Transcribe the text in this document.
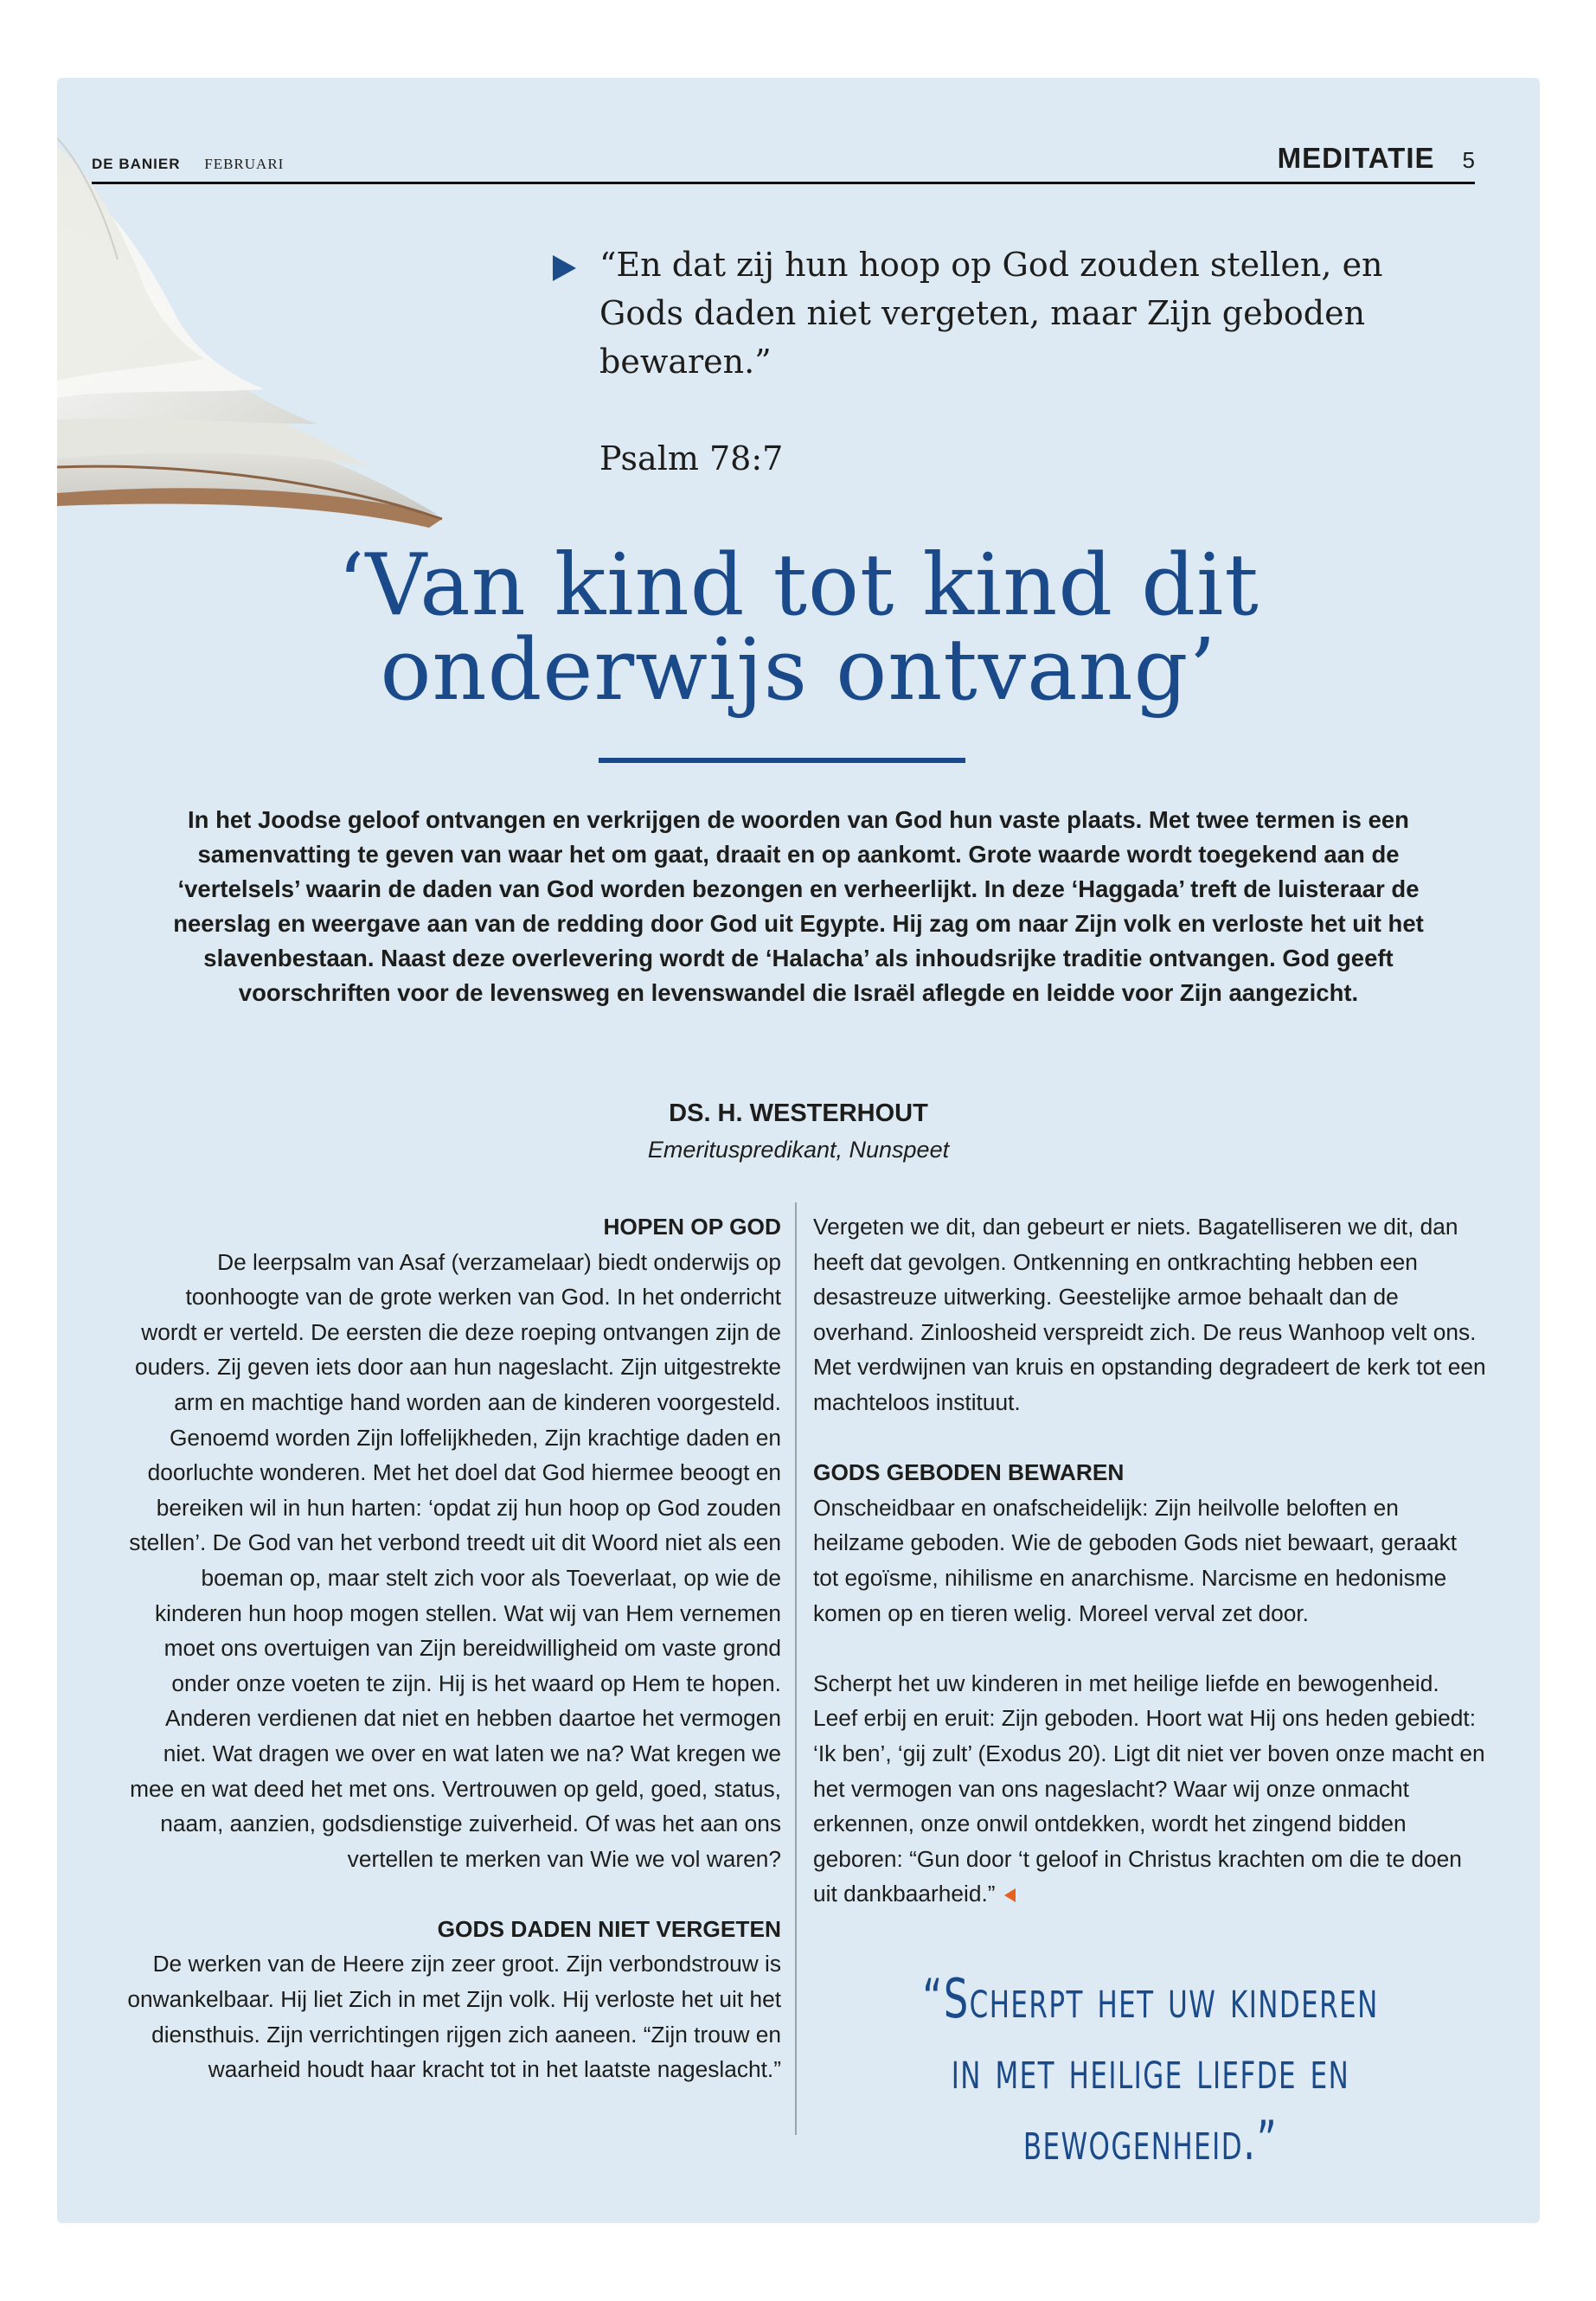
DE BANIER FEBRUARI	MEDITATIE 5
“En dat zij hun hoop op God zouden stellen, en Gods daden niet vergeten, maar Zijn geboden bewaren.”
Psalm 78:7
‘Van kind tot kind dit
onderwijs ontvang’
In het Joodse geloof ontvangen en verkrijgen de woorden van God hun vaste plaats. Met twee termen is een samenvatting te geven van waar het om gaat, draait en op aankomt. Grote waarde wordt toegekend aan de ‘vertelsels’ waarin de daden van God worden bezongen en verheerlijkt. In deze ‘Haggada’ treft de luisteraar de neerslag en weergave aan van de redding door God uit Egypte. Hij zag om naar Zijn volk en verloste het uit het slavenbestaan. Naast deze overlevering wordt de ‘Halacha’ als inhoudsrijke traditie ontvangen. God geeft voorschriften voor de levensweg en levenswandel die Israël aflegde en leidde voor Zijn aangezicht.
DS. H. WESTERHOUT
Emerituspredikant, Nunspeet
HOPEN OP GOD

De leerpsalm van Asaf (verzamelaar) biedt onderwijs op toonhoogte van de grote werken van God. In het onderricht wordt er verteld. De eersten die deze roeping ontvangen zijn de ouders. Zij geven iets door aan hun nageslacht. Zijn uitgestrekte arm en machtige hand worden aan de kinderen voorgesteld. Genoemd worden Zijn loffelijkheden, Zijn krachtige daden en doorluchte wonderen. Met het doel dat God hiermee beoogt en bereiken wil in hun harten: ‘opdat zij hun hoop op God zouden stellen’. De God van het verbond treedt uit dit Woord niet als een boeman op, maar stelt zich voor als Toeverlaat, op wie de kinderen hun hoop mogen stellen. Wat wij van Hem vernemen moet ons overtuigen van Zijn bereidwilligheid om vaste grond onder onze voeten te zijn. Hij is het waard op Hem te hopen. Anderen verdienen dat niet en hebben daartoe het vermogen niet. Wat dragen we over en wat laten we na? Wat kregen we mee en wat deed het met ons. Vertrouwen op geld, goed, status, naam, aanzien, godsdienstige zuiverheid. Of was het aan ons vertellen te merken van Wie we vol waren?

GODS DADEN NIET VERGETEN

De werken van de Heere zijn zeer groot. Zijn verbondstrouw is onwankelbaar. Hij liet Zich in met Zijn volk. Hij verloste het uit het diensthuis. Zijn verrichtingen rijgen zich aaneen. “Zijn trouw en waarheid houdt haar kracht tot in het laatste nageslacht.”

Vergeten we dit, dan gebeurt er niets. Bagatelliseren we dit, dan heeft dat gevolgen. Ontkenning en ontkrachting hebben een desastreuze uitwerking. Geestelijke armoe behaalt dan de overhand. Zinloosheid verspreidt zich. De reus Wanhoop velt ons. Met verdwijnen van kruis en opstanding degradeert de kerk tot een machteloos instituut.

GODS GEBODEN BEWAREN

Onscheidbaar en onafscheidelijk: Zijn heilvolle beloften en heilzame geboden. Wie de geboden Gods niet bewaart, geraakt tot egoïsme, nihilisme en anarchisme. Narcisme en hedonisme komen op en tieren welig. Moreel verval zet door.

Scherpt het uw kinderen in met heilige liefde en bewogenheid. Leef erbij en eruit: Zijn geboden. Hoort wat Hij ons heden gebiedt: ‘Ik ben’, ‘gij zult’ (Exodus 20). Ligt dit niet ver boven onze macht en het vermogen van ons nageslacht? Waar wij onze onmacht erkennen, onze onwil ontdekken, wordt het zingend bidden geboren: “Gun door ‘t geloof in Christus krachten om die te doen uit dankbaarheid.”

“Scherpt het uw kinderen
in met heilige liefde en
bewogenheid.”
